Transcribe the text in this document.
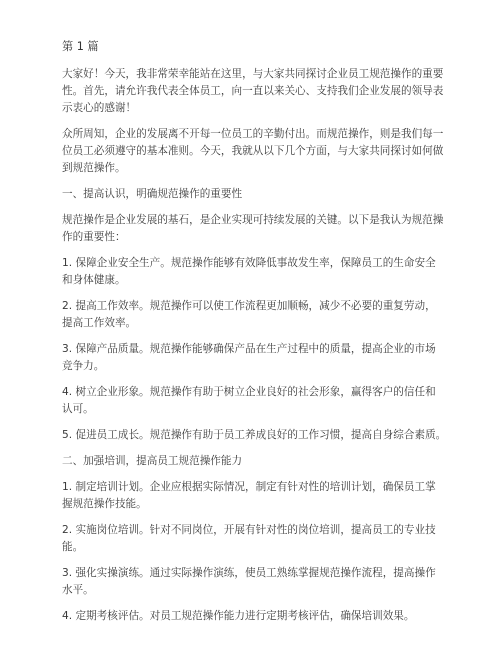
第 1 篇
大家好！今天，我非常荣幸能站在这里，与大家共同探讨企业员工规范操作的重要
性。首先，请允许我代表全体员工，向一直以来关心、支持我们企业发展的领导表
示衷心的感谢！
众所周知，企业的发展离不开每一位员工的辛勤付出。而规范操作，则是我们每一
位员工必须遵守的基本准则。今天，我就从以下几个方面，与大家共同探讨如何做
到规范操作。
一、提高认识，明确规范操作的重要性
规范操作是企业发展的基石，是企业实现可持续发展的关键。以下是我认为规范操
作的重要性：
1. 保障企业安全生产。规范操作能够有效降低事故发生率，保障员工的生命安全
和身体健康。
2. 提高工作效率。规范操作可以使工作流程更加顺畅，减少不必要的重复劳动，
提高工作效率。
3. 保障产品质量。规范操作能够确保产品在生产过程中的质量，提高企业的市场
竞争力。
4. 树立企业形象。规范操作有助于树立企业良好的社会形象，赢得客户的信任和
认可。
5. 促进员工成长。规范操作有助于员工养成良好的工作习惯，提高自身综合素质。
二、加强培训，提高员工规范操作能力
1. 制定培训计划。企业应根据实际情况，制定有针对性的培训计划，确保员工掌
握规范操作技能。
2. 实施岗位培训。针对不同岗位，开展有针对性的岗位培训，提高员工的专业技
能。
3. 强化实操演练。通过实际操作演练，使员工熟练掌握规范操作流程，提高操作
水平。
4. 定期考核评估。对员工规范操作能力进行定期考核评估，确保培训效果。
